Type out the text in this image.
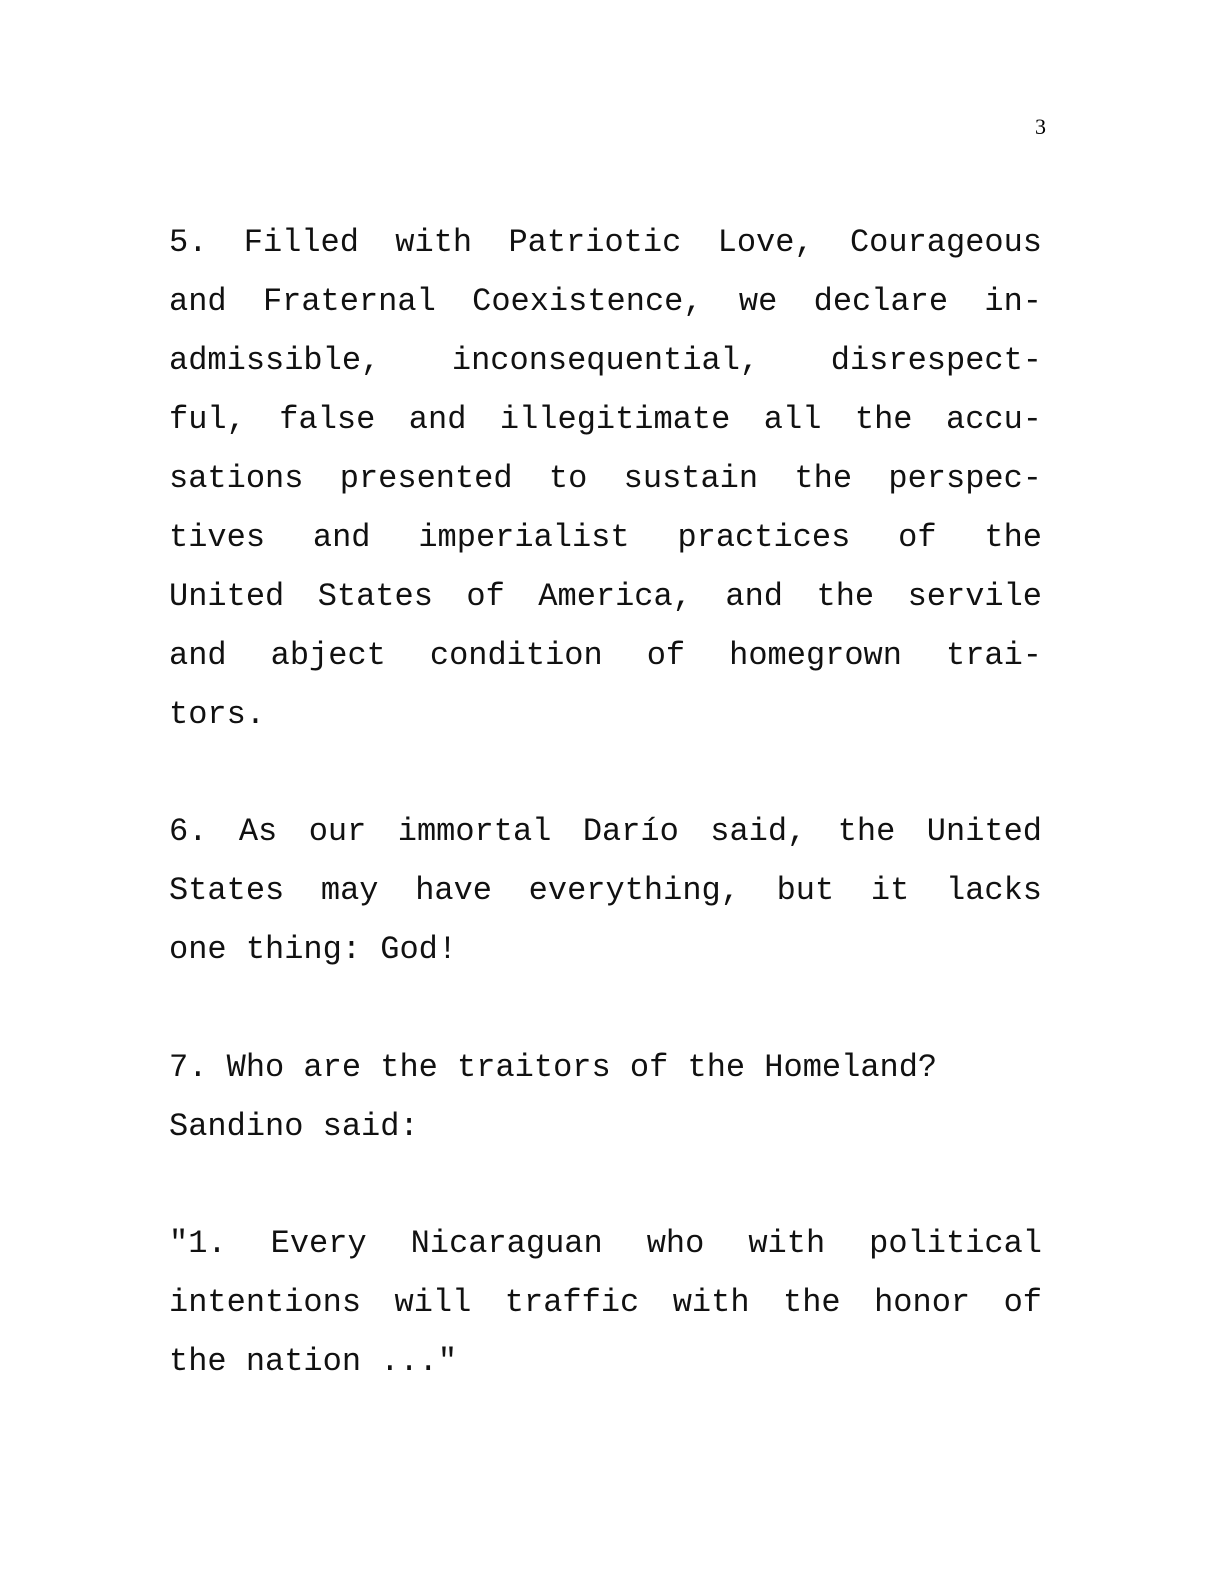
3
5. Filled with Patriotic Love, Courageous
and Fraternal Coexistence, we declare in-
admissible, inconsequential, disrespect-
ful, false and illegitimate all the accu-
sations presented to sustain the perspec-
tives and imperialist practices of the
United States of America, and the servile
and abject condition of homegrown trai-
tors.
6. As our immortal Darío said, the United
States may have everything, but it lacks
one thing: God!
7. Who are the traitors of the Homeland?
Sandino said:
"1. Every Nicaraguan who with political
intentions will traffic with the honor of
the nation ..."
